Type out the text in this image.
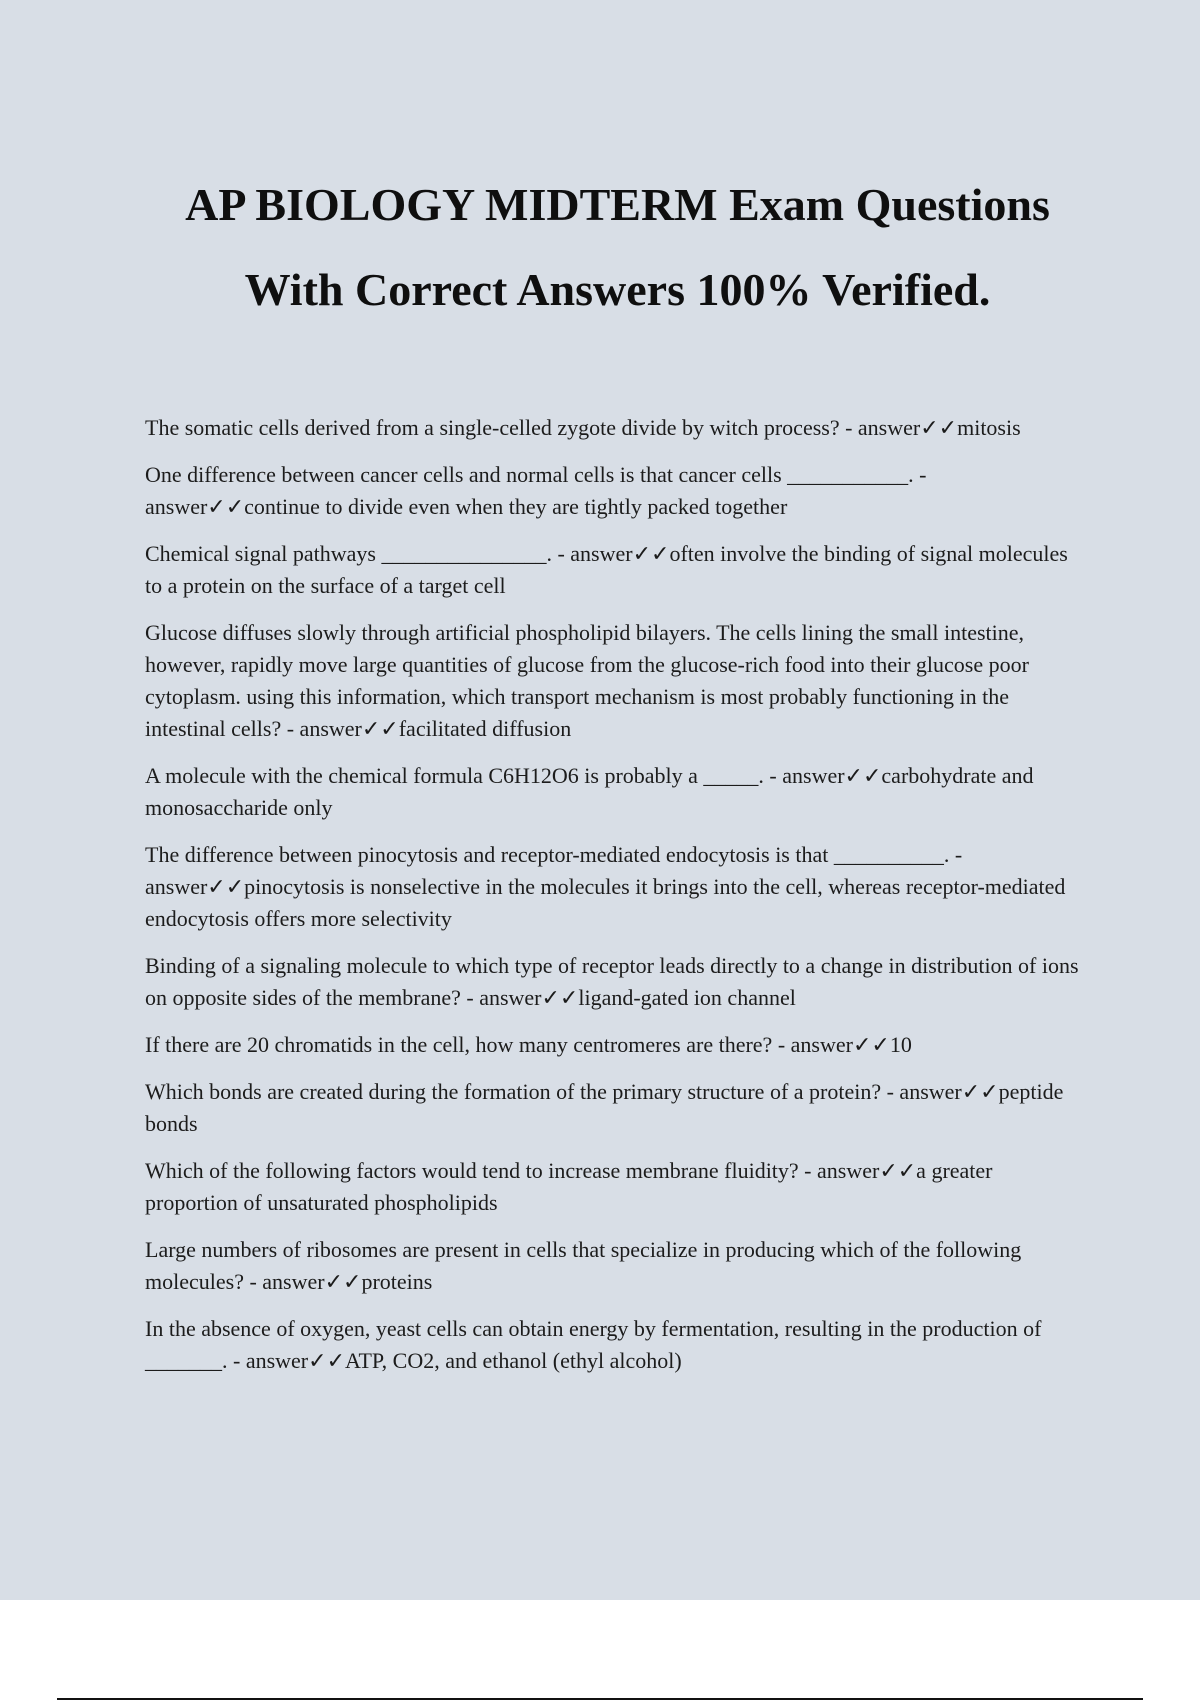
AP BIOLOGY MIDTERM Exam Questions
With Correct Answers 100% Verified.
The somatic cells derived from a single-celled zygote divide by witch process? - answer✓✓mitosis
One difference between cancer cells and normal cells is that cancer cells ___________. - answer✓✓continue to divide even when they are tightly packed together
Chemical signal pathways _______________. - answer✓✓often involve the binding of signal molecules to a protein on the surface of a target cell
Glucose diffuses slowly through artificial phospholipid bilayers. The cells lining the small intestine, however, rapidly move large quantities of glucose from the glucose-rich food into their glucose poor cytoplasm. using this information, which transport mechanism is most probably functioning in the intestinal cells? - answer✓✓facilitated diffusion
A molecule with the chemical formula C6H12O6 is probably a _____. - answer✓✓carbohydrate and monosaccharide only
The difference between pinocytosis and receptor-mediated endocytosis is that __________. - answer✓✓pinocytosis is nonselective in the molecules it brings into the cell, whereas receptor-mediated endocytosis offers more selectivity
Binding of a signaling molecule to which type of receptor leads directly to a change in distribution of ions on opposite sides of the membrane? - answer✓✓ligand-gated ion channel
If there are 20 chromatids in the cell, how many centromeres are there? - answer✓✓10
Which bonds are created during the formation of the primary structure of a protein? - answer✓✓peptide bonds
Which of the following factors would tend to increase membrane fluidity? - answer✓✓a greater proportion of unsaturated phospholipids
Large numbers of ribosomes are present in cells that specialize in producing which of the following molecules? - answer✓✓proteins
In the absence of oxygen, yeast cells can obtain energy by fermentation, resulting in the production of _______. - answer✓✓ATP, CO2, and ethanol (ethyl alcohol)
